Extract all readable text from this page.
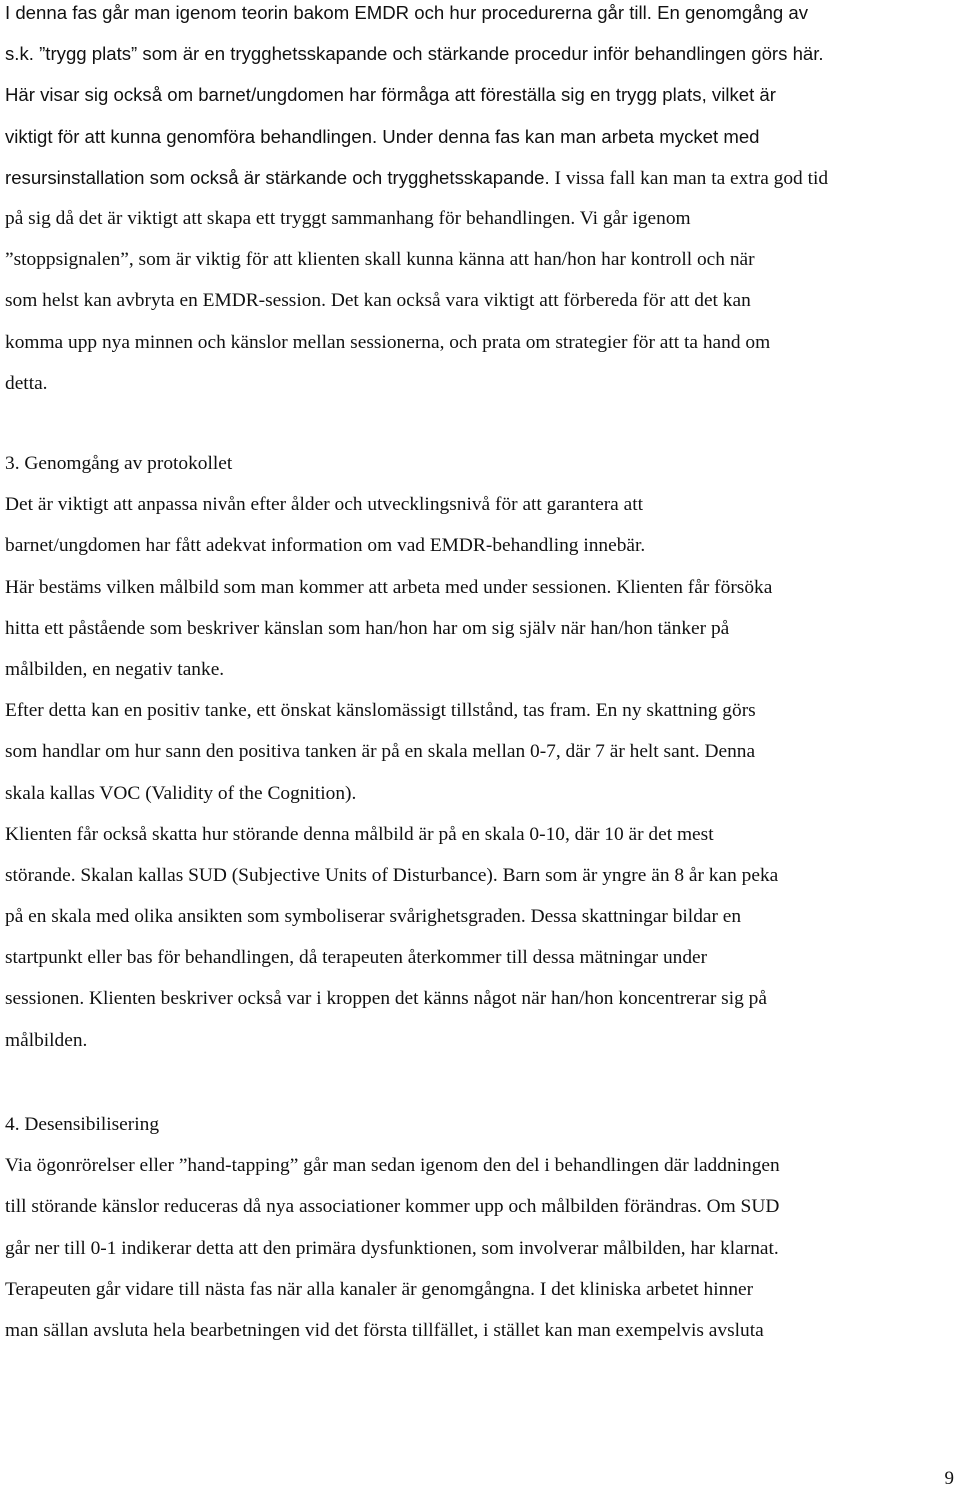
I denna fas går man igenom teorin bakom EMDR och hur procedurerna går till. En genomgång av
s.k. ”trygg plats” som är en trygghetsskapande och stärkande procedur inför behandlingen görs här.
Här visar sig också om barnet/ungdomen har förmåga att föreställa sig en trygg plats, vilket är
viktigt för att kunna genomföra behandlingen. Under denna fas kan man arbeta mycket med
resursinstallation som också är stärkande och trygghetsskapande. I vissa fall kan man ta extra god tid
på sig då det är viktigt att skapa ett tryggt sammanhang för behandlingen. Vi går igenom
”stoppsignalen”, som är viktig för att klienten skall kunna känna att han/hon har kontroll och när
som helst kan avbryta en EMDR-session. Det kan också vara viktigt att förbereda för att det kan
komma upp nya minnen och känslor mellan sessionerna, och prata om strategier för att ta hand om
detta.
3. Genomgång av protokollet
Det är viktigt att anpassa nivån efter ålder och utvecklingsnivå för att garantera att
barnet/ungdomen har fått adekvat information om vad EMDR-behandling innebär.
Här bestäms vilken målbild som man kommer att arbeta med under sessionen. Klienten får försöka
hitta ett påstående som beskriver känslan som han/hon har om sig själv när han/hon tänker på
målbilden, en negativ tanke.
Efter detta kan en positiv tanke, ett önskat känslomässigt tillstånd, tas fram. En ny skattning görs
som handlar om hur sann den positiva tanken är på en skala mellan 0-7, där 7 är helt sant. Denna
skala kallas VOC (Validity of the Cognition).
Klienten får också skatta hur störande denna målbild är på en skala 0-10, där 10 är det mest
störande. Skalan kallas SUD (Subjective Units of Disturbance). Barn som är yngre än 8 år kan peka
på en skala med olika ansikten som symboliserar svårighetsgraden. Dessa skattningar bildar en
startpunkt eller bas för behandlingen, då terapeuten återkommer till dessa mätningar under
sessionen. Klienten beskriver också var i kroppen det känns något när han/hon koncentrerar sig på
målbilden.
4. Desensibilisering
Via ögonrörelser eller ”hand-tapping” går man sedan igenom den del i behandlingen där laddningen
till störande känslor reduceras då nya associationer kommer upp och målbilden förändras. Om SUD
går ner till 0-1 indikerar detta att den primära dysfunktionen, som involverar målbilden, har klarnat.
Terapeuten går vidare till nästa fas när alla kanaler är genomgångna. I det kliniska arbetet hinner
man sällan avsluta hela bearbetningen vid det första tillfället, i stället kan man exempelvis avsluta
9
